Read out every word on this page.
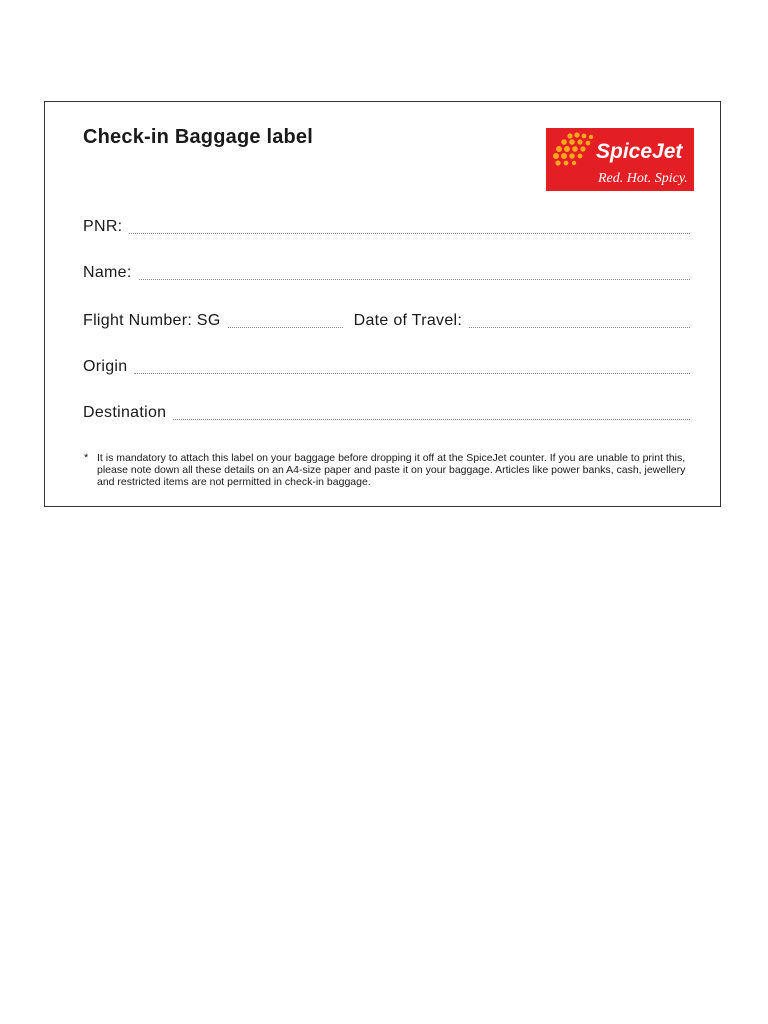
Check-in Baggage label
SpiceJet
Red. Hot. Spicy.
PNR:
Name:
Flight Number: SG	Date of Travel:
Origin
Destination
* It is mandatory to attach this label on your baggage before dropping it off at the SpiceJet counter. If you are unable to print this, please note down all these details on an A4-size paper and paste it on your baggage. Articles like power banks, cash, jewellery and restricted items are not permitted in check-in baggage.
